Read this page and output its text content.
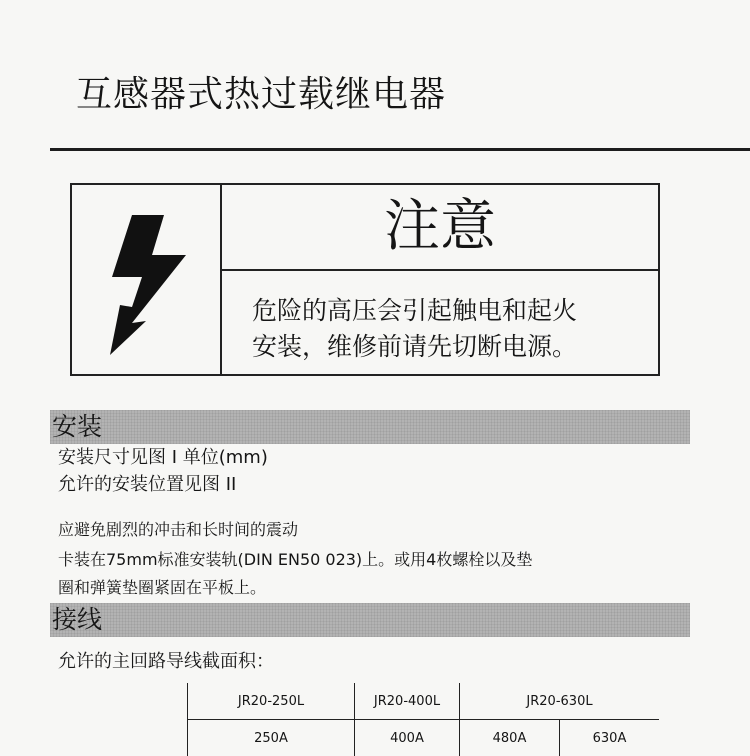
互感器式热过载继电器
注意
危险的高压会引起触电和起火
安装，维修前请先切断电源。
安装
安装尺寸见图 I 单位(mm)
允许的安装位置见图 II
应避免剧烈的冲击和长时间的震动
卡装在75mm标准安装轨(DIN EN50 023)上。或用4枚螺栓以及垫
圈和弹簧垫圈紧固在平板上。
接线
允许的主回路导线截面积：
JR20-250L	JR20-400L	JR20-630L	
250A	400A	480A	630A
